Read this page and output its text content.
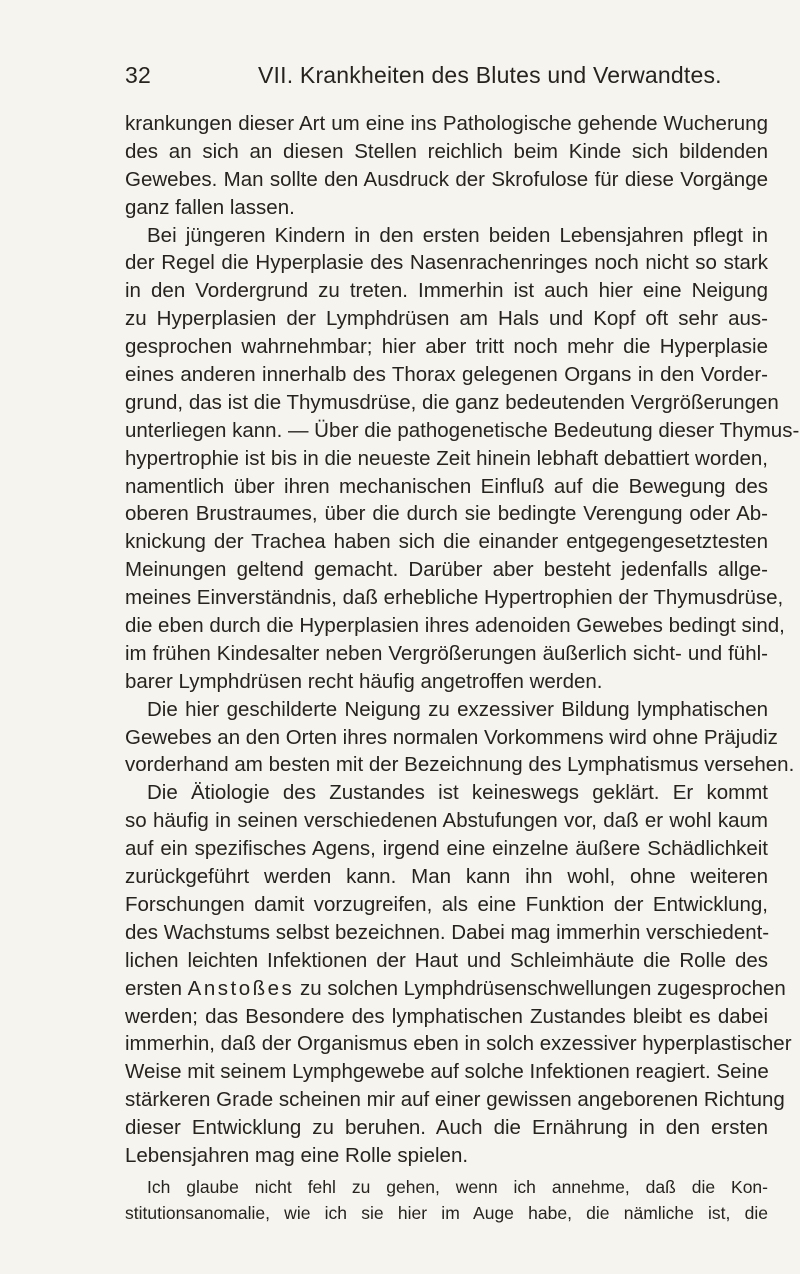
32	VII. Krankheiten des Blutes und Verwandtes.
krankungen dieser Art um eine ins Pathologische gehende Wucherung
des an sich an diesen Stellen reichlich beim Kinde sich bildenden
Gewebes. Man sollte den Ausdruck der Skrofulose für diese Vorgänge
ganz fallen lassen.
Bei jüngeren Kindern in den ersten beiden Lebensjahren pflegt in
der Regel die Hyperplasie des Nasenrachenringes noch nicht so stark
in den Vordergrund zu treten. Immerhin ist auch hier eine Neigung
zu Hyperplasien der Lymphdrüsen am Hals und Kopf oft sehr aus-
gesprochen wahrnehmbar; hier aber tritt noch mehr die Hyperplasie
eines anderen innerhalb des Thorax gelegenen Organs in den Vorder-
grund, das ist die Thymusdrüse, die ganz bedeutenden Vergrößerungen
unterliegen kann. — Über die pathogenetische Bedeutung dieser Thymus-
hypertrophie ist bis in die neueste Zeit hinein lebhaft debattiert worden,
namentlich über ihren mechanischen Einfluß auf die Bewegung des
oberen Brustraumes, über die durch sie bedingte Verengung oder Ab-
knickung der Trachea haben sich die einander entgegengesetztesten
Meinungen geltend gemacht. Darüber aber besteht jedenfalls allge-
meines Einverständnis, daß erhebliche Hypertrophien der Thymusdrüse,
die eben durch die Hyperplasien ihres adenoiden Gewebes bedingt sind,
im frühen Kindesalter neben Vergrößerungen äußerlich sicht- und fühl-
barer Lymphdrüsen recht häufig angetroffen werden.
Die hier geschilderte Neigung zu exzessiver Bildung lymphatischen
Gewebes an den Orten ihres normalen Vorkommens wird ohne Präjudiz
vorderhand am besten mit der Bezeichnung des Lymphatismus versehen.
Die Ätiologie des Zustandes ist keineswegs geklärt. Er kommt
so häufig in seinen verschiedenen Abstufungen vor, daß er wohl kaum
auf ein spezifisches Agens, irgend eine einzelne äußere Schädlichkeit
zurückgeführt werden kann. Man kann ihn wohl, ohne weiteren
Forschungen damit vorzugreifen, als eine Funktion der Entwicklung,
des Wachstums selbst bezeichnen. Dabei mag immerhin verschiedent-
lichen leichten Infektionen der Haut und Schleimhäute die Rolle des
ersten Anstoßes zu solchen Lymphdrüsenschwellungen zugesprochen
werden; das Besondere des lymphatischen Zustandes bleibt es dabei
immerhin, daß der Organismus eben in solch exzessiver hyperplastischer
Weise mit seinem Lymphgewebe auf solche Infektionen reagiert. Seine
stärkeren Grade scheinen mir auf einer gewissen angeborenen Richtung
dieser Entwicklung zu beruhen. Auch die Ernährung in den ersten
Lebensjahren mag eine Rolle spielen.
Ich glaube nicht fehl zu gehen, wenn ich annehme, daß die Kon-
stitutionsanomalie, wie ich sie hier im Auge habe, die nämliche ist, die
